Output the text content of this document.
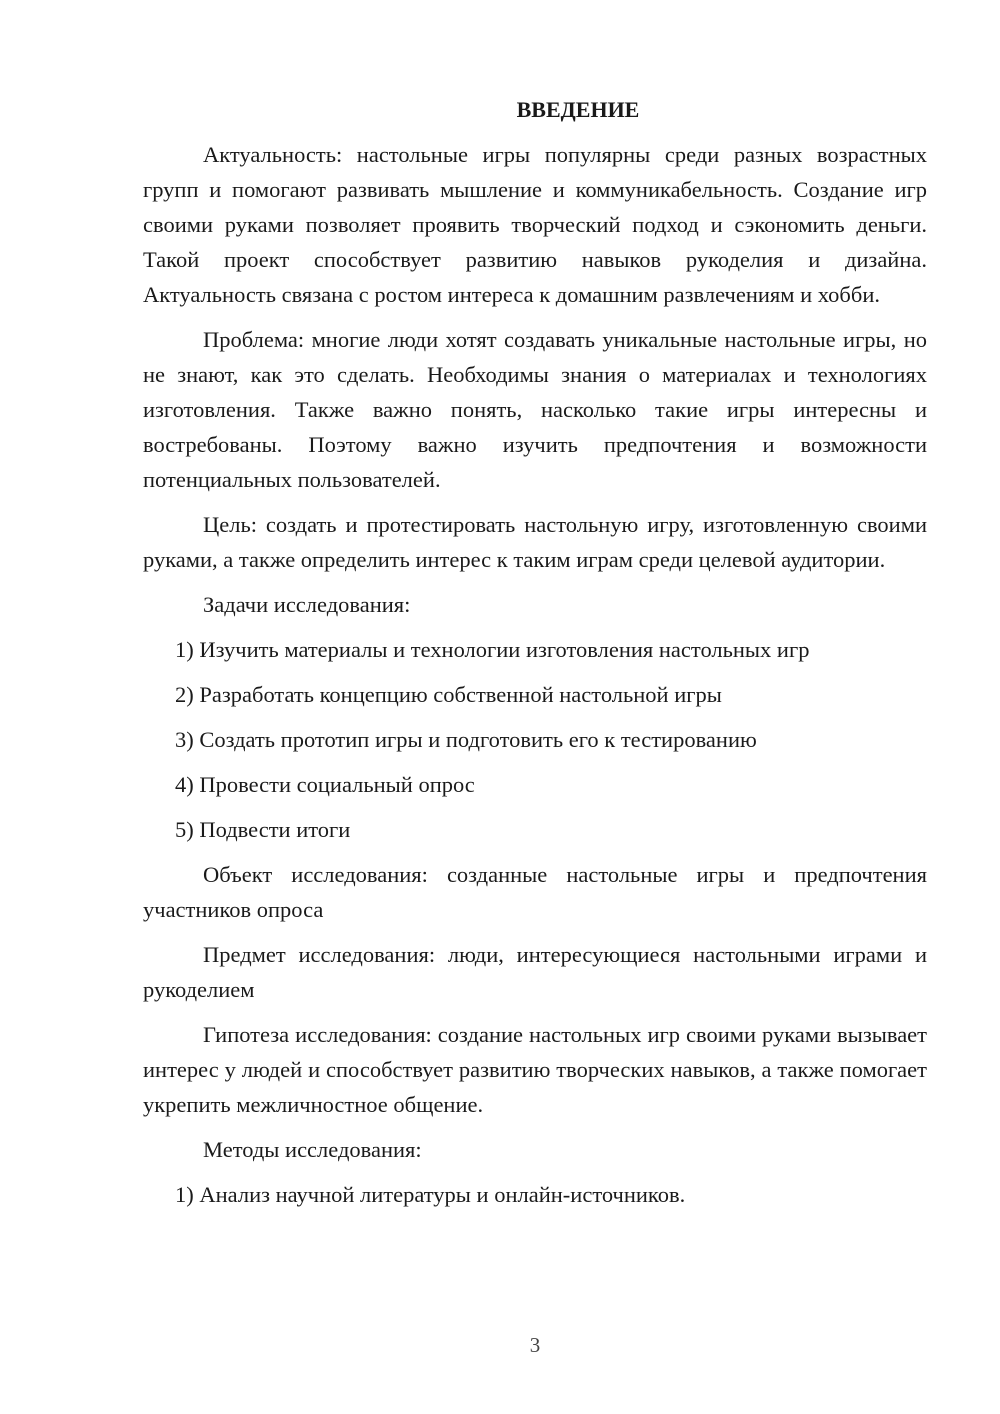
ВВЕДЕНИЕ

Актуальность: настольные игры популярны среди разных возрастных групп и помогают развивать мышление и коммуникабельность. Создание игр своими руками позволяет проявить творческий подход и сэкономить деньги. Такой проект способствует развитию навыков рукоделия и дизайна. Актуальность связана с ростом интереса к домашним развлечениям и хобби.

Проблема: многие люди хотят создавать уникальные настольные игры, но не знают, как это сделать. Необходимы знания о материалах и технологиях изготовления. Также важно понять, насколько такие игры интересны и востребованы. Поэтому важно изучить предпочтения и возможности потенциальных пользователей.

Цель: создать и протестировать настольную игру, изготовленную своими руками, а также определить интерес к таким играм среди целевой аудитории.

Задачи исследования:

1) Изучить материалы и технологии изготовления настольных игр

2) Разработать концепцию собственной настольной игры

3) Создать прототип игры и подготовить его к тестированию

4) Провести социальный опрос

5) Подвести итоги

Объект исследования: созданные настольные игры и предпочтения участников опроса

Предмет исследования: люди, интересующиеся настольными играми и рукоделием

Гипотеза исследования: создание настольных игр своими руками вызывает интерес у людей и способствует развитию творческих навыков, а также помогает укрепить межличностное общение.

Методы исследования:

1) Анализ научной литературы и онлайн-источников.

3
